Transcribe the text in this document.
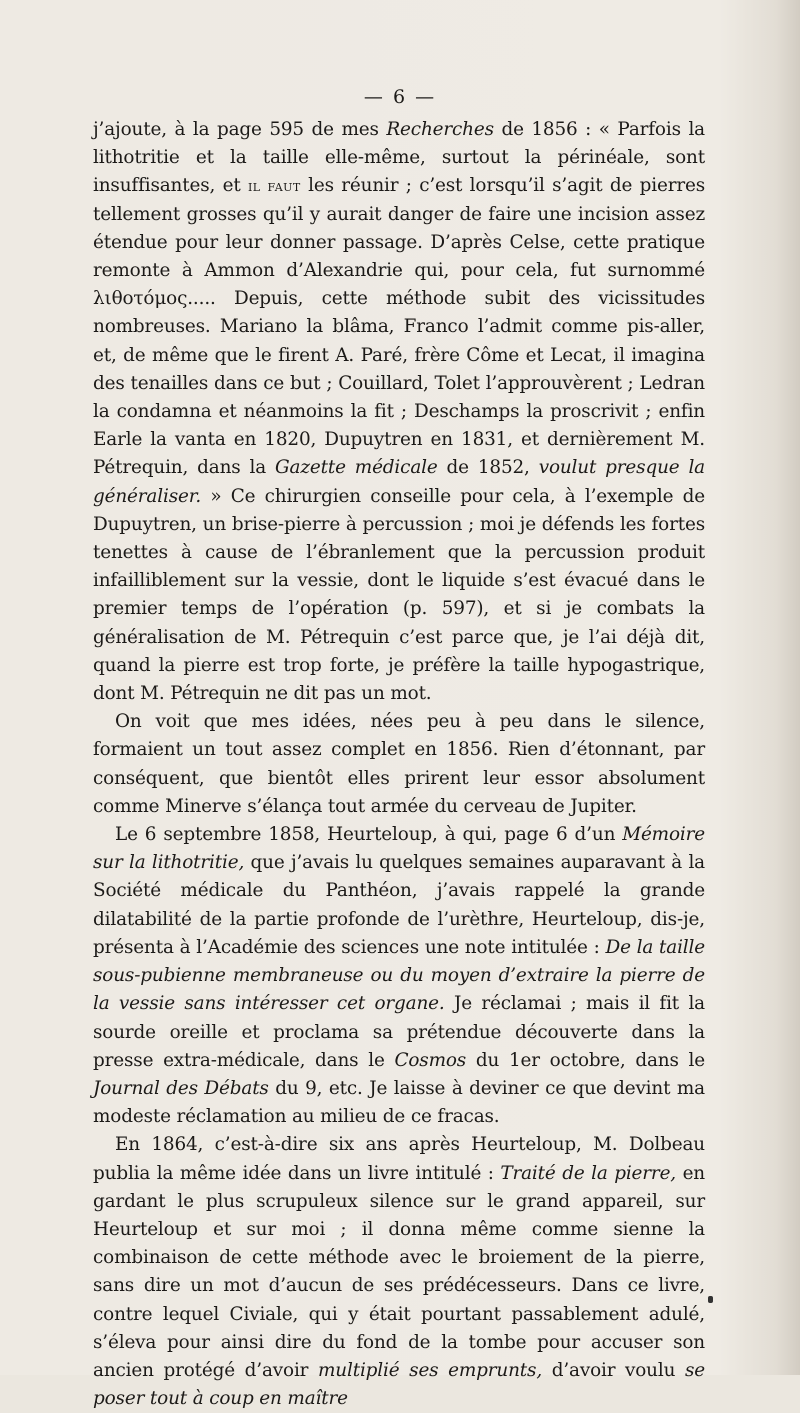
— 6 —

j’ajoute, à la page 595 de mes Recherches de 1856 : « Parfois la lithotritie et la taille elle-même, surtout la périnéale, sont insuffisantes, et il faut les réunir ; c’est lorsqu’il s’agit de pierres tellement grosses qu’il y aurait danger de faire une incision assez étendue pour leur donner passage. D’après Celse, cette pratique remonte à Ammon d’Alexandrie qui, pour cela, fut surnommé λιθοτόμος..... Depuis, cette méthode subit des vicissitudes nombreuses. Mariano la blâma, Franco l’admit comme pis-aller, et, de même que le firent A. Paré, frère Côme et Lecat, il imagina des tenailles dans ce but ; Couillard, Tolet l’approuvèrent ; Ledran la condamna et néanmoins la fit ; Deschamps la proscrivit ; enfin Earle la vanta en 1820, Dupuytren en 1831, et dernièrement M. Pétrequin, dans la Gazette médicale de 1852, voulut presque la généraliser. » Ce chirurgien conseille pour cela, à l’exemple de Dupuytren, un brise-pierre à percussion ; moi je défends les fortes tenettes à cause de l’ébranlement que la percussion produit infailliblement sur la vessie, dont le liquide s’est évacué dans le premier temps de l’opération (p. 597), et si je combats la généralisation de M. Pétrequin c’est parce que, je l’ai déjà dit, quand la pierre est trop forte, je préfère la taille hypogastrique, dont M. Pétrequin ne dit pas un mot.

On voit que mes idées, nées peu à peu dans le silence, formaient un tout assez complet en 1856. Rien d’étonnant, par conséquent, que bientôt elles prirent leur essor absolument comme Minerve s’élança tout armée du cerveau de Jupiter.

Le 6 septembre 1858, Heurteloup, à qui, page 6 d’un Mémoire sur la lithotritie, que j’avais lu quelques semaines auparavant à la Société médicale du Panthéon, j’avais rappelé la grande dilatabilité de la partie profonde de l’urèthre, Heurteloup, dis-je, présenta à l’Académie des sciences une note intitulée : De la taille sous-pubienne membraneuse ou du moyen d’extraire la pierre de la vessie sans intéresser cet organe. Je réclamai ; mais il fit la sourde oreille et proclama sa prétendue découverte dans la presse extra-médicale, dans le Cosmos du 1er octobre, dans le Journal des Débats du 9, etc. Je laisse à deviner ce que devint ma modeste réclamation au milieu de ce fracas.

En 1864, c’est-à-dire six ans après Heurteloup, M. Dolbeau publia la même idée dans un livre intitulé : Traité de la pierre, en gardant le plus scrupuleux silence sur le grand appareil, sur Heurteloup et sur moi ; il donna même comme sienne la combinaison de cette méthode avec le broiement de la pierre, sans dire un mot d’aucun de ses prédécesseurs. Dans ce livre, contre lequel Civiale, qui y était pourtant passablement adulé, s’éleva pour ainsi dire du fond de la tombe pour accuser son ancien protégé d’avoir multiplié ses emprunts, d’avoir voulu se poser tout à coup en maître
